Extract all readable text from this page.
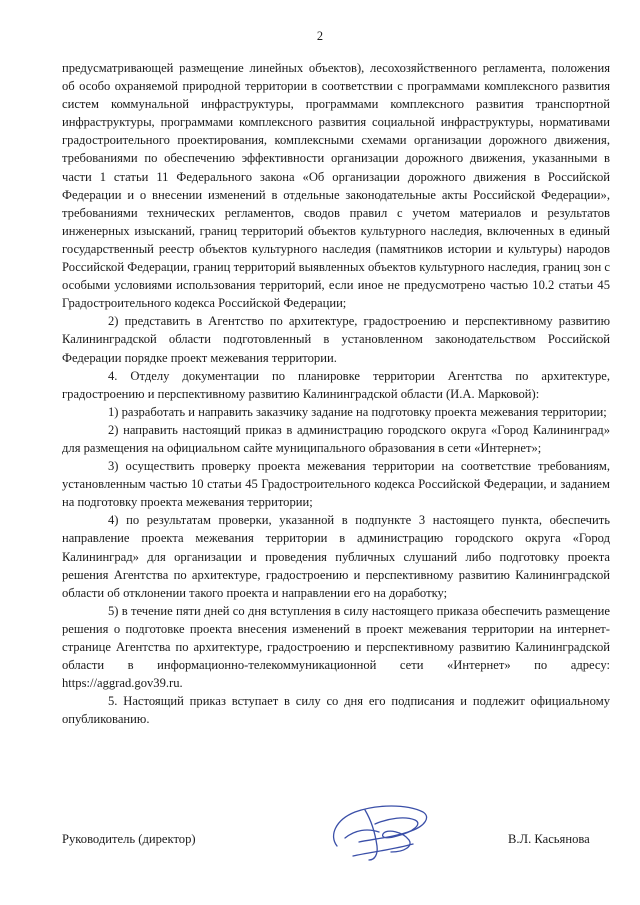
2

предусматривающей размещение линейных объектов), лесохозяйственного регламента, положения об особо охраняемой природной территории в соответствии с программами комплексного развития систем коммунальной инфраструктуры, программами комплексного развития транспортной инфраструктуры, программами комплексного развития социальной инфраструктуры, нормативами градостроительного проектирования, комплексными схемами организации дорожного движения, требованиями по обеспечению эффективности организации дорожного движения, указанными в части 1 статьи 11 Федерального закона «Об организации дорожного движения в Российской Федерации и о внесении изменений в отдельные законодательные акты Российской Федерации», требованиями технических регламентов, сводов правил с учетом материалов и результатов инженерных изысканий, границ территорий объектов культурного наследия, включенных в единый государственный реестр объектов культурного наследия (памятников истории и культуры) народов Российской Федерации, границ территорий выявленных объектов культурного наследия, границ зон с особыми условиями использования территорий, если иное не предусмотрено частью 10.2 статьи 45 Градостроительного кодекса Российской Федерации;

2) представить в Агентство по архитектуре, градостроению и перспективному развитию Калининградской области подготовленный в установленном законодательством Российской Федерации порядке проект межевания территории.

4. Отделу документации по планировке территории Агентства по архитектуре, градостроению и перспективному развитию Калининградской области (И.А. Марковой):

1) разработать и направить заказчику задание на подготовку проекта межевания территории;

2) направить настоящий приказ в администрацию городского округа «Город Калининград» для размещения на официальном сайте муниципального образования в сети «Интернет»;

3) осуществить проверку проекта межевания территории на соответствие требованиям, установленным частью 10 статьи 45 Градостроительного кодекса Российской Федерации, и заданием на подготовку проекта межевания территории;

4) по результатам проверки, указанной в подпункте 3 настоящего пункта, обеспечить направление проекта межевания территории в администрацию городского округа «Город Калининград» для организации и проведения публичных слушаний либо подготовку проекта решения Агентства по архитектуре, градостроению и перспективному развитию Калининградской области об отклонении такого проекта и направлении его на доработку;

5) в течение пяти дней со дня вступления в силу настоящего приказа обеспечить размещение решения о подготовке проекта внесения изменений в проект межевания территории на интернет-странице Агентства по архитектуре, градостроению и перспективному развитию Калининградской области в информационно-телекоммуникационной сети «Интернет» по адресу: https://aggrad.gov39.ru.

5. Настоящий приказ вступает в силу со дня его подписания и подлежит официальному опубликованию.

Руководитель (директор)	В.Л. Касьянова
